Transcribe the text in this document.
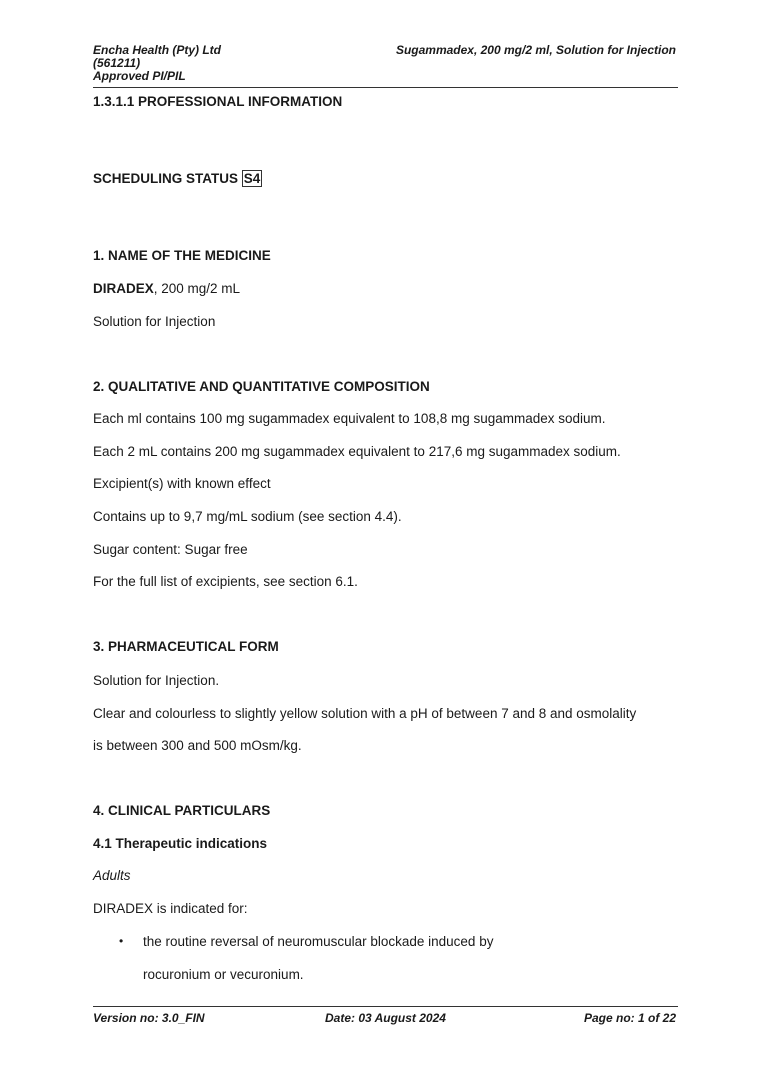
Encha Health (Pty) Ltd
(561211)
Approved PI/PIL
Sugammadex, 200 mg/2 ml, Solution for Injection
1.3.1.1 PROFESSIONAL INFORMATION
SCHEDULING STATUS S4
1. NAME OF THE MEDICINE
DIRADEX, 200 mg/2 mL
Solution for Injection
2. QUALITATIVE AND QUANTITATIVE COMPOSITION
Each ml contains 100 mg sugammadex equivalent to 108,8 mg sugammadex sodium.
Each 2 mL contains 200 mg sugammadex equivalent to 217,6 mg sugammadex sodium.
Excipient(s) with known effect
Contains up to 9,7 mg/mL sodium (see section 4.4).
Sugar content: Sugar free
For the full list of excipients, see section 6.1.
3. PHARMACEUTICAL FORM
Solution for Injection.
Clear and colourless to slightly yellow solution with a pH of between 7 and 8 and osmolality
is between 300 and 500 mOsm/kg.
4. CLINICAL PARTICULARS
4.1 Therapeutic indications
Adults
DIRADEX is indicated for:
• the routine reversal of neuromuscular blockade induced by
rocuronium or vecuronium.
Version no: 3.0_FIN	Date: 03 August 2024	Page no: 1 of 22
